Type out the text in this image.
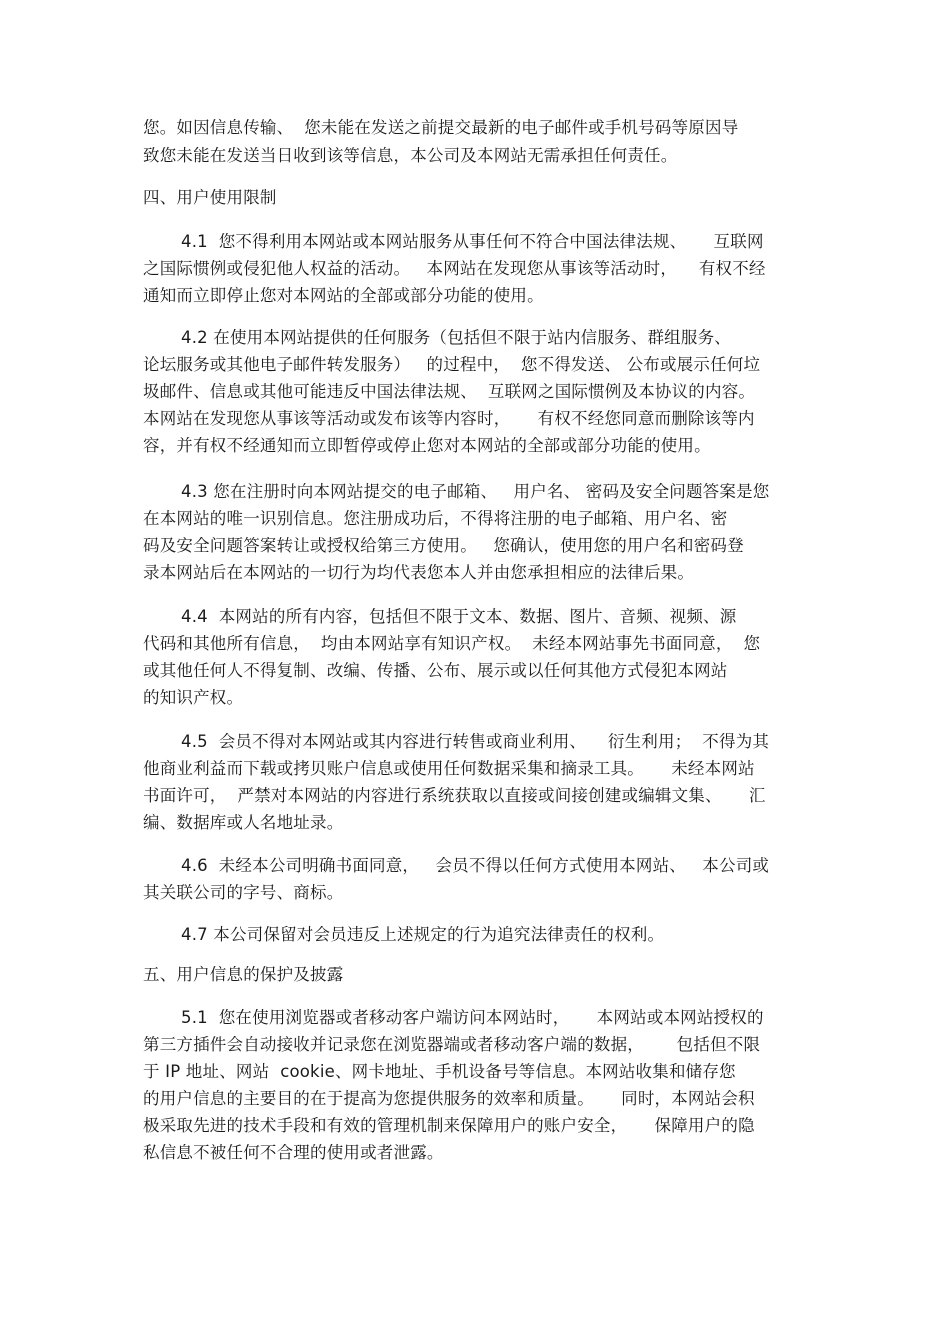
您。如因信息传输、  您未能在发送之前提交最新的电子邮件或手机号码等原因导
致您未能在发送当日收到该等信息，本公司及本网站无需承担任何责任。
四、用户使用限制
4.1  您不得利用本网站或本网站服务从事任何不符合中国法律法规、     互联网
之国际惯例或侵犯他人权益的活动。   本网站在发现您从事该等活动时，    有权不经
通知而立即停止您对本网站的全部或部分功能的使用。
4.2 在使用本网站提供的任何服务（包括但不限于站内信服务、群组服务、
论坛服务或其他电子邮件转发服务）   的过程中，  您不得发送、 公布或展示任何垃
圾邮件、信息或其他可能违反中国法律法规、  互联网之国际惯例及本协议的内容。
本网站在发现您从事该等活动或发布该等内容时，     有权不经您同意而删除该等内
容，并有权不经通知而立即暂停或停止您对本网站的全部或部分功能的使用。
4.3 您在注册时向本网站提交的电子邮箱、   用户名、 密码及安全问题答案是您
在本网站的唯一识别信息。您注册成功后，不得将注册的电子邮箱、用户名、密
码及安全问题答案转让或授权给第三方使用。   您确认，使用您的用户名和密码登
录本网站后在本网站的一切行为均代表您本人并由您承担相应的法律后果。
4.4  本网站的所有内容，包括但不限于文本、数据、图片、音频、视频、源
代码和其他所有信息，  均由本网站享有知识产权。  未经本网站事先书面同意，  您
或其他任何人不得复制、改编、传播、公布、展示或以任何其他方式侵犯本网站
的知识产权。
4.5  会员不得对本网站或其内容进行转售或商业利用、    衍生利用；  不得为其
他商业利益而下载或拷贝账户信息或使用任何数据采集和摘录工具。     未经本网站
书面许可，  严禁对本网站的内容进行系统获取以直接或间接创建或编辑文集、     汇
编、数据库或人名地址录。
4.6  未经本公司明确书面同意，   会员不得以任何方式使用本网站、   本公司或
其关联公司的字号、商标。
4.7 本公司保留对会员违反上述规定的行为追究法律责任的权利。
五、用户信息的保护及披露
5.1  您在使用浏览器或者移动客户端访问本网站时，     本网站或本网站授权的
第三方插件会自动接收并记录您在浏览器端或者移动客户端的数据，      包括但不限
于 IP 地址、网站  cookie、网卡地址、手机设备号等信息。本网站收集和储存您
的用户信息的主要目的在于提高为您提供服务的效率和质量。     同时，本网站会积
极采取先进的技术手段和有效的管理机制来保障用户的账户安全，     保障用户的隐
私信息不被任何不合理的使用或者泄露。
